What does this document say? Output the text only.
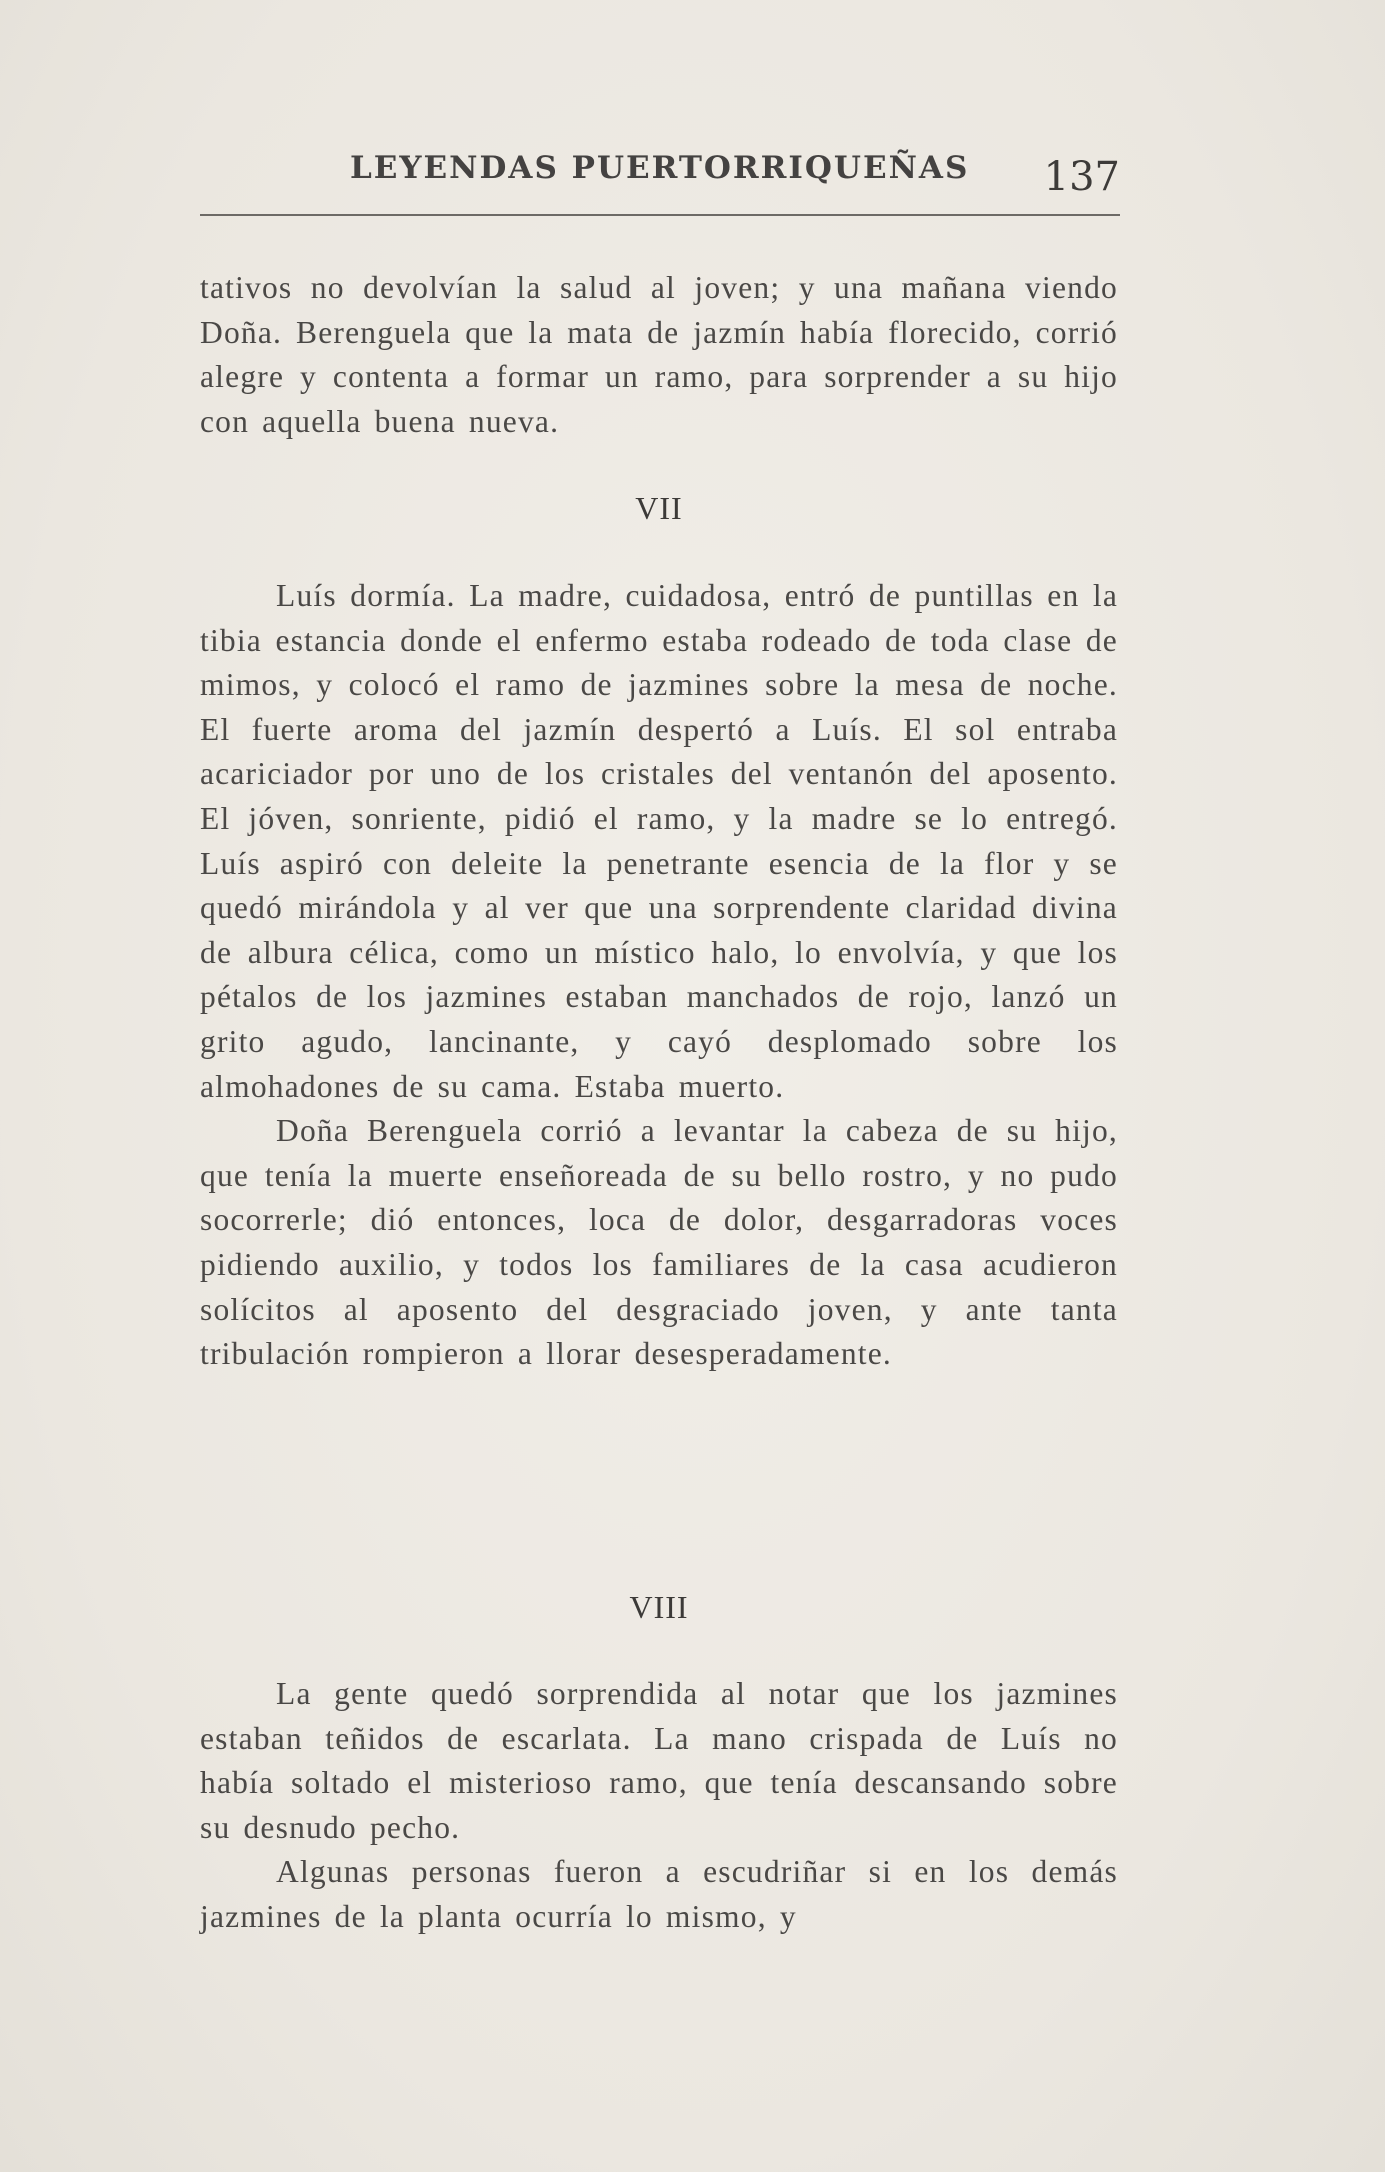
LEYENDAS PUERTORRIQUEÑAS 137

tativos no devolvían la salud al joven; y una mañana viendo Doña. Berenguela que la mata de jazmín había florecido, corrió alegre y contenta a formar un ramo, para sorprender a su hijo con aquella buena nueva.

VII

Luís dormía. La madre, cuidadosa, entró de puntillas en la tibia estancia donde el enfermo estaba rodeado de toda clase de mimos, y colocó el ramo de jazmines sobre la mesa de noche. El fuerte aroma del jazmín despertó a Luís. El sol entraba acariciador por uno de los cristales del ventanón del aposento. El jóven, sonriente, pidió el ramo, y la madre se lo entregó. Luís aspiró con deleite la penetrante esencia de la flor y se quedó mirándola y al ver que una sorprendente claridad divina de albura célica, como un místico halo, lo envolvía, y que los pétalos de los jazmines estaban manchados de rojo, lanzó un grito agudo, lancinante, y cayó desplomado sobre los almohadones de su cama. Estaba muerto.

Doña Berenguela corrió a levantar la cabeza de su hijo, que tenía la muerte enseñoreada de su bello rostro, y no pudo socorrerle; dió entonces, loca de dolor, desgarradoras voces pidiendo auxilio, y todos los familiares de la casa acudieron solícitos al aposento del desgraciado joven, y ante tanta tribulación rompieron a llorar desesperadamente.

VIII

La gente quedó sorprendida al notar que los jazmines estaban teñidos de escarlata. La mano crispada de Luís no había soltado el misterioso ramo, que tenía descansando sobre su desnudo pecho.

Algunas personas fueron a escudriñar si en los demás jazmines de la planta ocurría lo mismo, y
